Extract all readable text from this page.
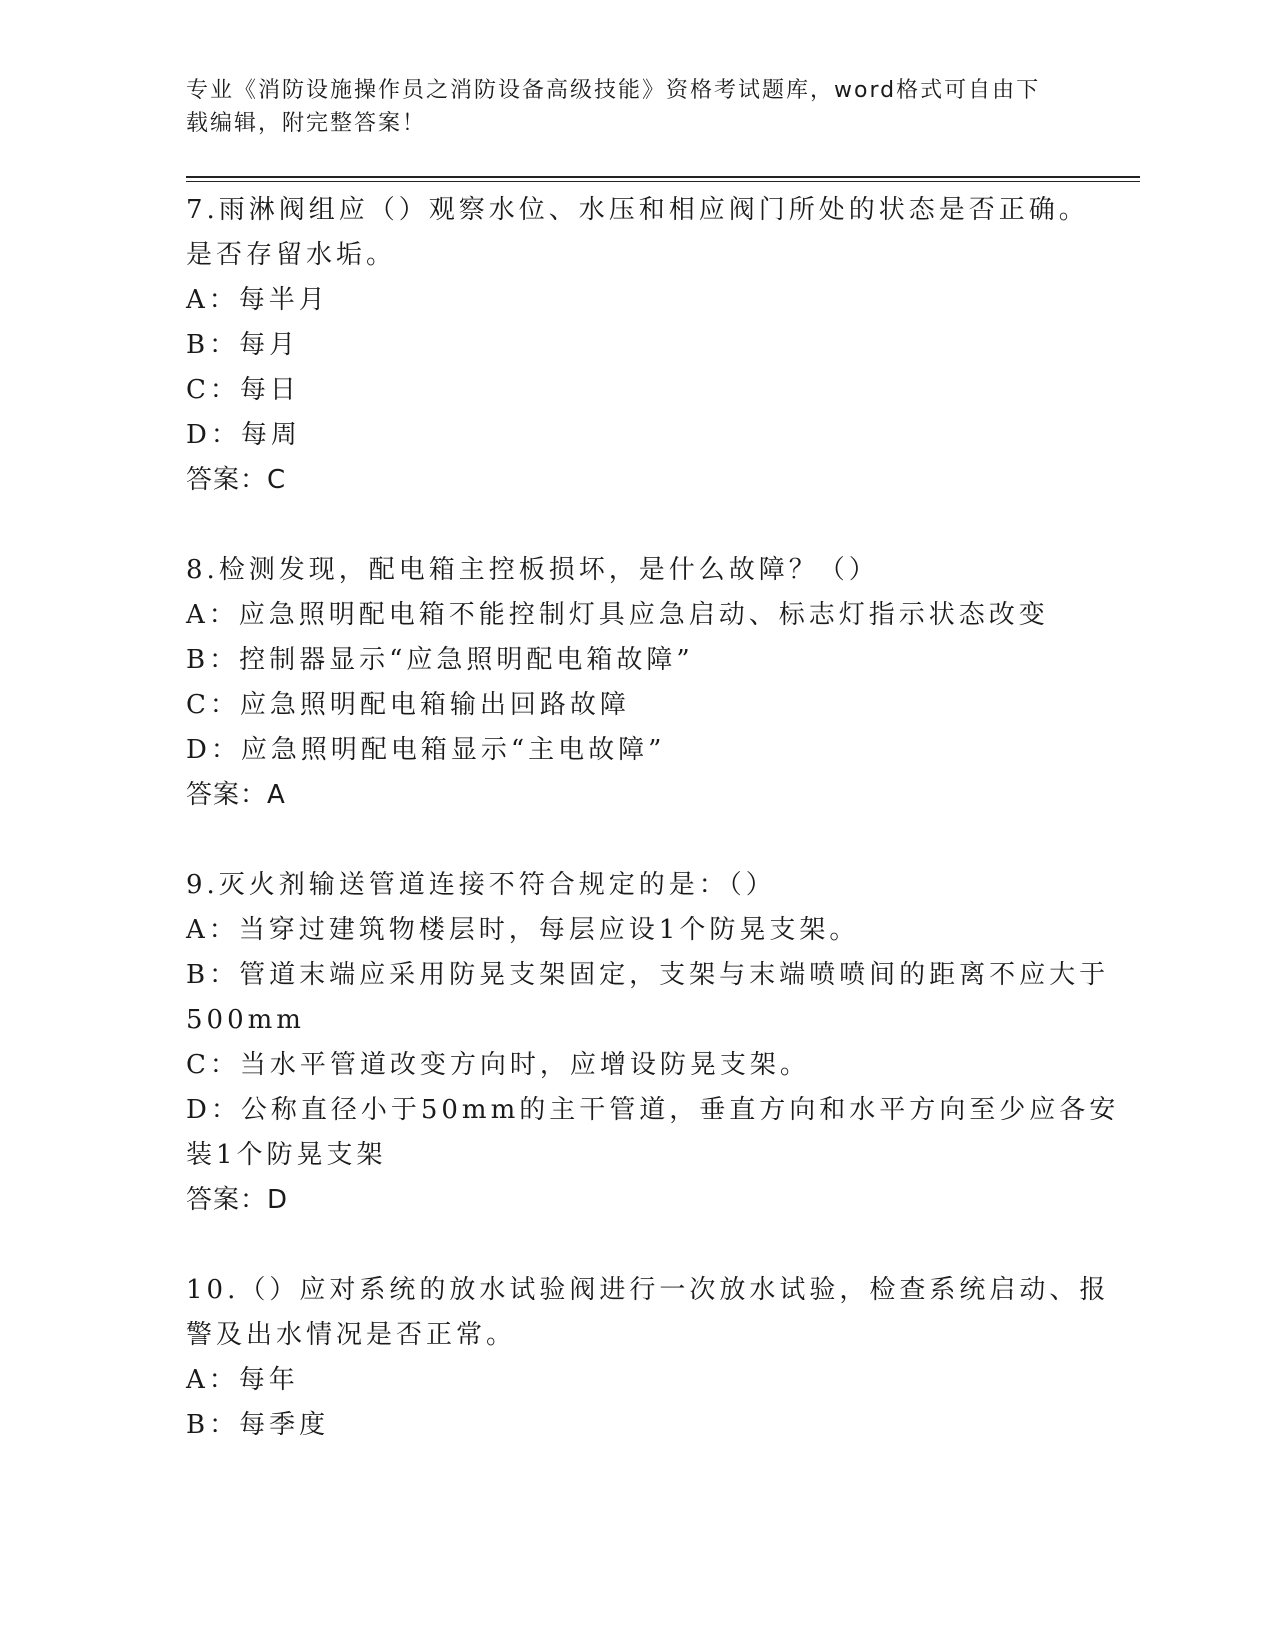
专业《消防设施操作员之消防设备高级技能》资格考试题库，word格式可自由下
载编辑，附完整答案！
7.雨淋阀组应（）观察水位、水压和相应阀门所处的状态是否正确。
是否存留水垢。
A：每半月
B：每月
C：每日
D：每周
答案：C
8.检测发现，配电箱主控板损坏，是什么故障？（）
A：应急照明配电箱不能控制灯具应急启动、标志灯指示状态改变
B：控制器显示“应急照明配电箱故障”
C：应急照明配电箱输出回路故障
D：应急照明配电箱显示“主电故障”
答案：A
9.灭火剂输送管道连接不符合规定的是：（）
A：当穿过建筑物楼层时，每层应设1个防晃支架。
B：管道末端应采用防晃支架固定，支架与末端喷喷间的距离不应大于
500mm
C：当水平管道改变方向时，应增设防晃支架。
D：公称直径小于50mm的主干管道，垂直方向和水平方向至少应各安
装1个防晃支架
答案：D
10.（）应对系统的放水试验阀进行一次放水试验，检查系统启动、报
警及出水情况是否正常。
A：每年
B：每季度
